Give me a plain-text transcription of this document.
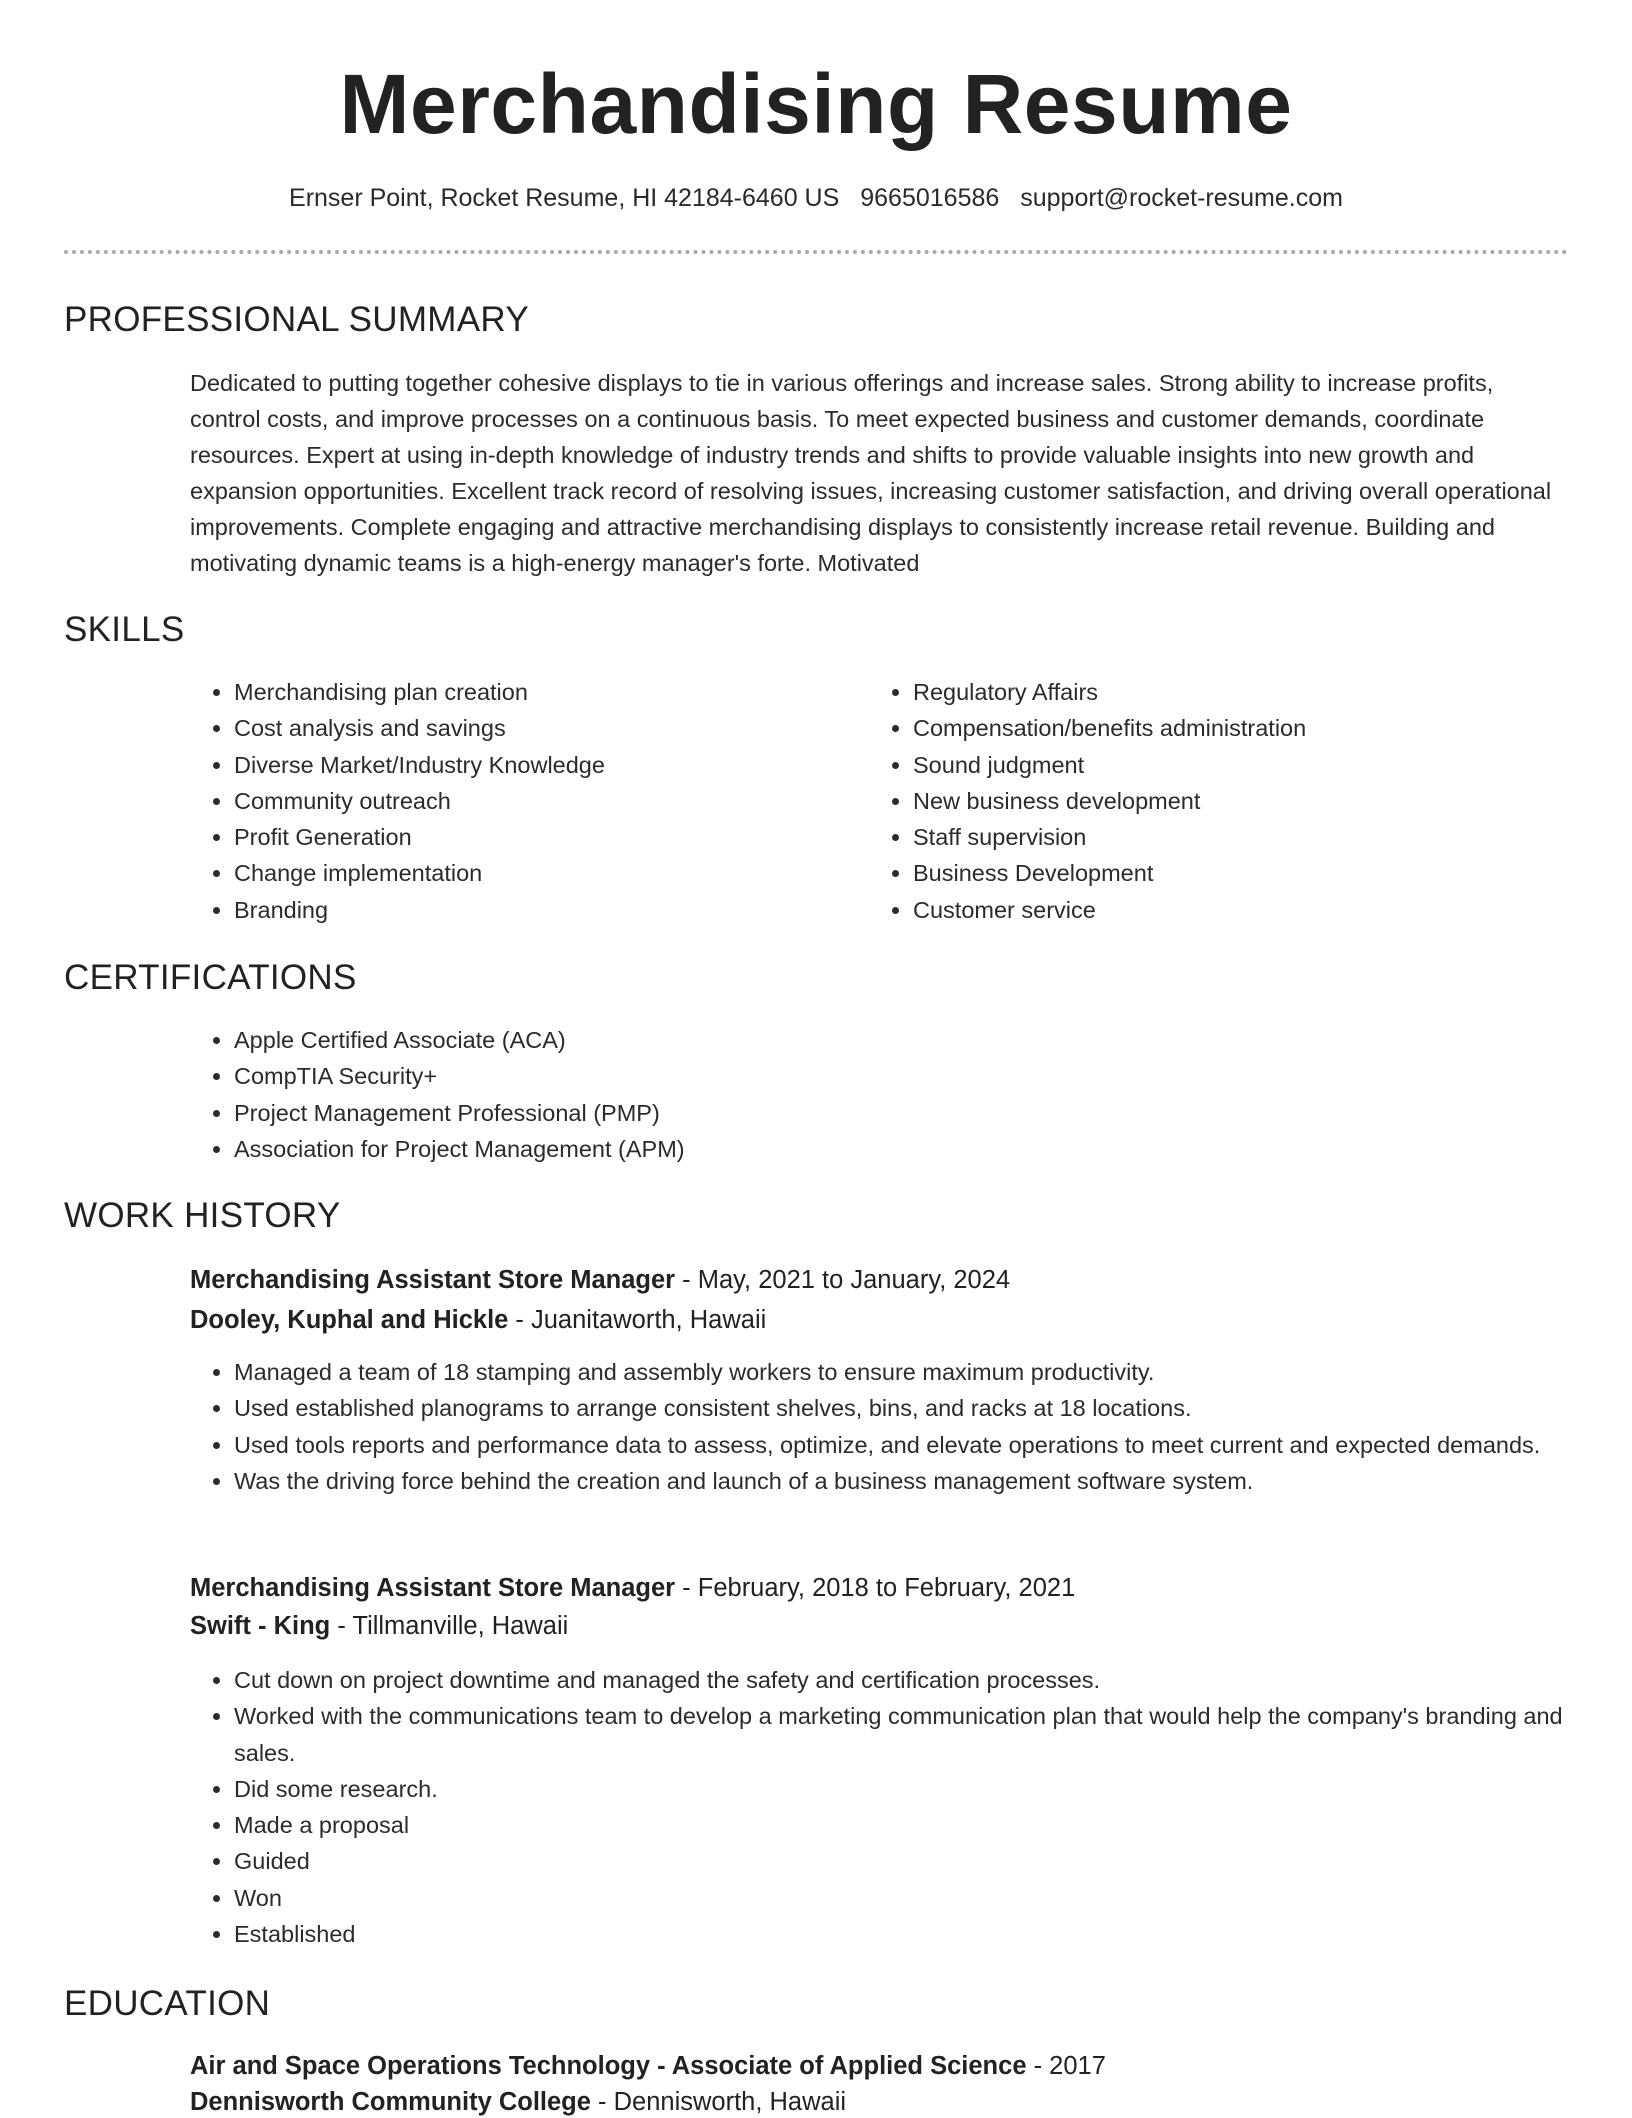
Merchandising Resume
Ernser Point, Rocket Resume, HI 42184-6460 US 9665016586 support@rocket-resume.com
PROFESSIONAL SUMMARY

Dedicated to putting together cohesive displays to tie in various offerings and increase sales. Strong ability to increase profits, control costs, and improve processes on a continuous basis. To meet expected business and customer demands, coordinate resources. Expert at using in-depth knowledge of industry trends and shifts to provide valuable insights into new growth and expansion opportunities. Excellent track record of resolving issues, increasing customer satisfaction, and driving overall operational improvements. Complete engaging and attractive merchandising displays to consistently increase retail revenue. Building and motivating dynamic teams is a high-energy manager's forte. Motivated

SKILLS
• Merchandising plan creation
• Cost analysis and savings
• Diverse Market/Industry Knowledge
• Community outreach
• Profit Generation
• Change implementation
• Branding
• Regulatory Affairs
• Compensation/benefits administration
• Sound judgment
• New business development
• Staff supervision
• Business Development
• Customer service
CERTIFICATIONS
• Apple Certified Associate (ACA)
• CompTIA Security+
• Project Management Professional (PMP)
• Association for Project Management (APM)
WORK HISTORY
Merchandising Assistant Store Manager - May, 2021 to January, 2024
Dooley, Kuphal and Hickle - Juanitaworth, Hawaii
• Managed a team of 18 stamping and assembly workers to ensure maximum productivity.
• Used established planograms to arrange consistent shelves, bins, and racks at 18 locations.
• Used tools reports and performance data to assess, optimize, and elevate operations to meet current and expected demands.
• Was the driving force behind the creation and launch of a business management software system.
Merchandising Assistant Store Manager - February, 2018 to February, 2021
Swift - King - Tillmanville, Hawaii
• Cut down on project downtime and managed the safety and certification processes.
• Worked with the communications team to develop a marketing communication plan that would help the company's branding and sales.
• Did some research.
• Made a proposal
• Guided
• Won
• Established
EDUCATION
Air and Space Operations Technology - Associate of Applied Science - 2017
Dennisworth Community College - Dennisworth, Hawaii
